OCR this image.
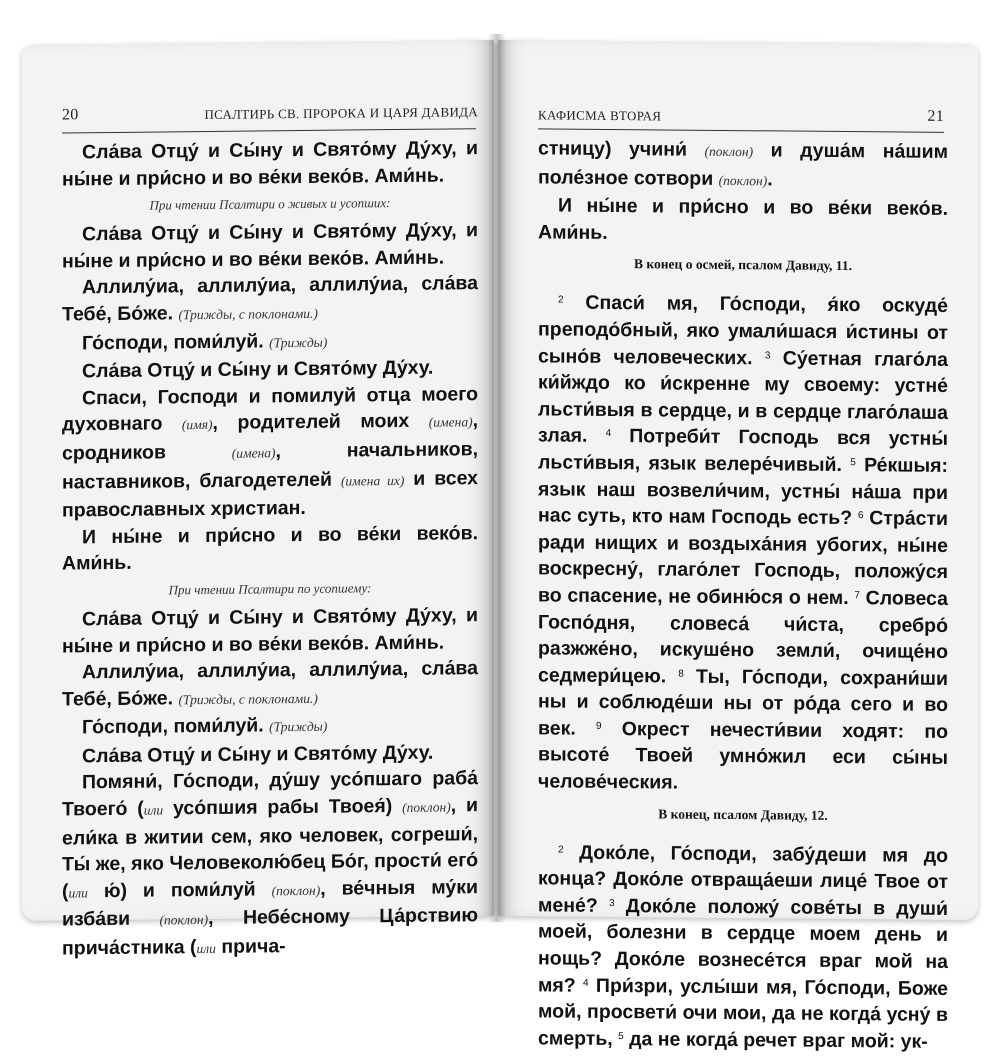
20	ПСАЛТИРЬ СВ. ПРОРОКА И ЦАРЯ ДАВИДА

Сла́ва Отцу́ и Сы́ну и Свято́му Ду́ху, и ны́не и при́сно и во ве́ки веко́в. Ами́нь.

При чтении Псалтири о живых и усопших:

Сла́ва Отцу́ и Сы́ну и Свято́му Ду́ху, и ны́не и при́сно и во ве́ки веко́в. Ами́нь.

Аллилу́иа, аллилу́иа, аллилу́иа, сла́ва Тебе́, Бо́же. (Трижды, с поклонами.)

Го́споди, поми́луй. (Трижды)

Сла́ва Отцу́ и Сы́ну и Свято́му Ду́ху.

Спаси, Господи и помилуй отца моего духовнаго (имя), родителей моих (имена), сродников (имена), начальников, наставников, благодетелей (имена их) и всех православных христиан.

И ны́не и при́сно и во ве́ки веко́в. Ами́нь.

При чтении Псалтири по усопшему:

Сла́ва Отцу́ и Сы́ну и Свято́му Ду́ху, и ны́не и при́сно и во ве́ки веко́в. Ами́нь.

Аллилу́иа, аллилу́иа, аллилу́иа, сла́ва Тебе́, Бо́же. (Трижды, с поклонами.)

Го́споди, поми́луй. (Трижды)

Сла́ва Отцу́ и Сы́ну и Свято́му Ду́ху.

Помяни́, Го́споди, ду́шу усо́пшаго раба́ Твоего́ (или усо́пшия рабы Твоея́) (поклон), и ели́ка в житии сем, яко человек, согреши́, Ты́ же, яко Человеколю́бец Бо́г, прости́ его́ (или ю́) и поми́луй (поклон), ве́чныя му́ки изба́ви (поклон), Небе́сному Ца́рствию прича́стника (или прича-

КАФИСМА ВТОРАЯ	21

стницу) учини́ (поклон) и душа́м на́шим поле́зное сотвори (поклон).

И ны́не и при́сно и во ве́ки веко́в. Ами́нь.

В конец о осмей, псалом Давиду, 11.

$^2$ Спаси́ мя, Го́споди, я́ко оскуде́ преподо́бный, яко умали́шася и́стины от сыно́в человеческих. $^3$ Су́етная глаго́ла ки́йждо ко и́скренне му своему: устне́ льсти́выя в сердце, и в сердце глаго́лаша злая. $^4$ Потреби́т Господь вся устны́ льсти́выя, язык велере́чивый. $^5$ Ре́кшыя: язык наш возвели́чим, устны́ на́ша при нас суть, кто нам Господь есть? $^6$ Стра́сти ради нищих и воздыха́ния убогих, ны́не воскресну́, глаго́лет Господь, положу́ся во спасение, не обиню́ся о нем. $^7$ Словеса Госпо́дня, словеса́ чи́ста, сребро́ разжже́но, искуше́но земли́, очище́но седмери́цею. $^8$ Ты, Го́споди, сохрани́ши ны и соблюде́ши ны от ро́да сего и во век. $^9$ Окрест нечести́вии ходят: по высоте́ Твоей умно́жил еси сы́ны челове́ческия.

В конец, псалом Давиду, 12.

$^2$ Доко́ле, Го́споди, забу́деши мя до конца? Доко́ле отвраща́еши лице́ Твое от мене́? $^3$ Доко́ле положу́ сове́ты в души́ моей, болезни в сердце моем день и нощь? Доко́ле вознесе́тся враг мой на мя? $^4$ При́зри, услы́ши мя, Го́споди, Боже мой, просвети́ очи мои, да не когда́ усну́ в смерть, $^5$ да не когда́ речет враг мой: ук-
